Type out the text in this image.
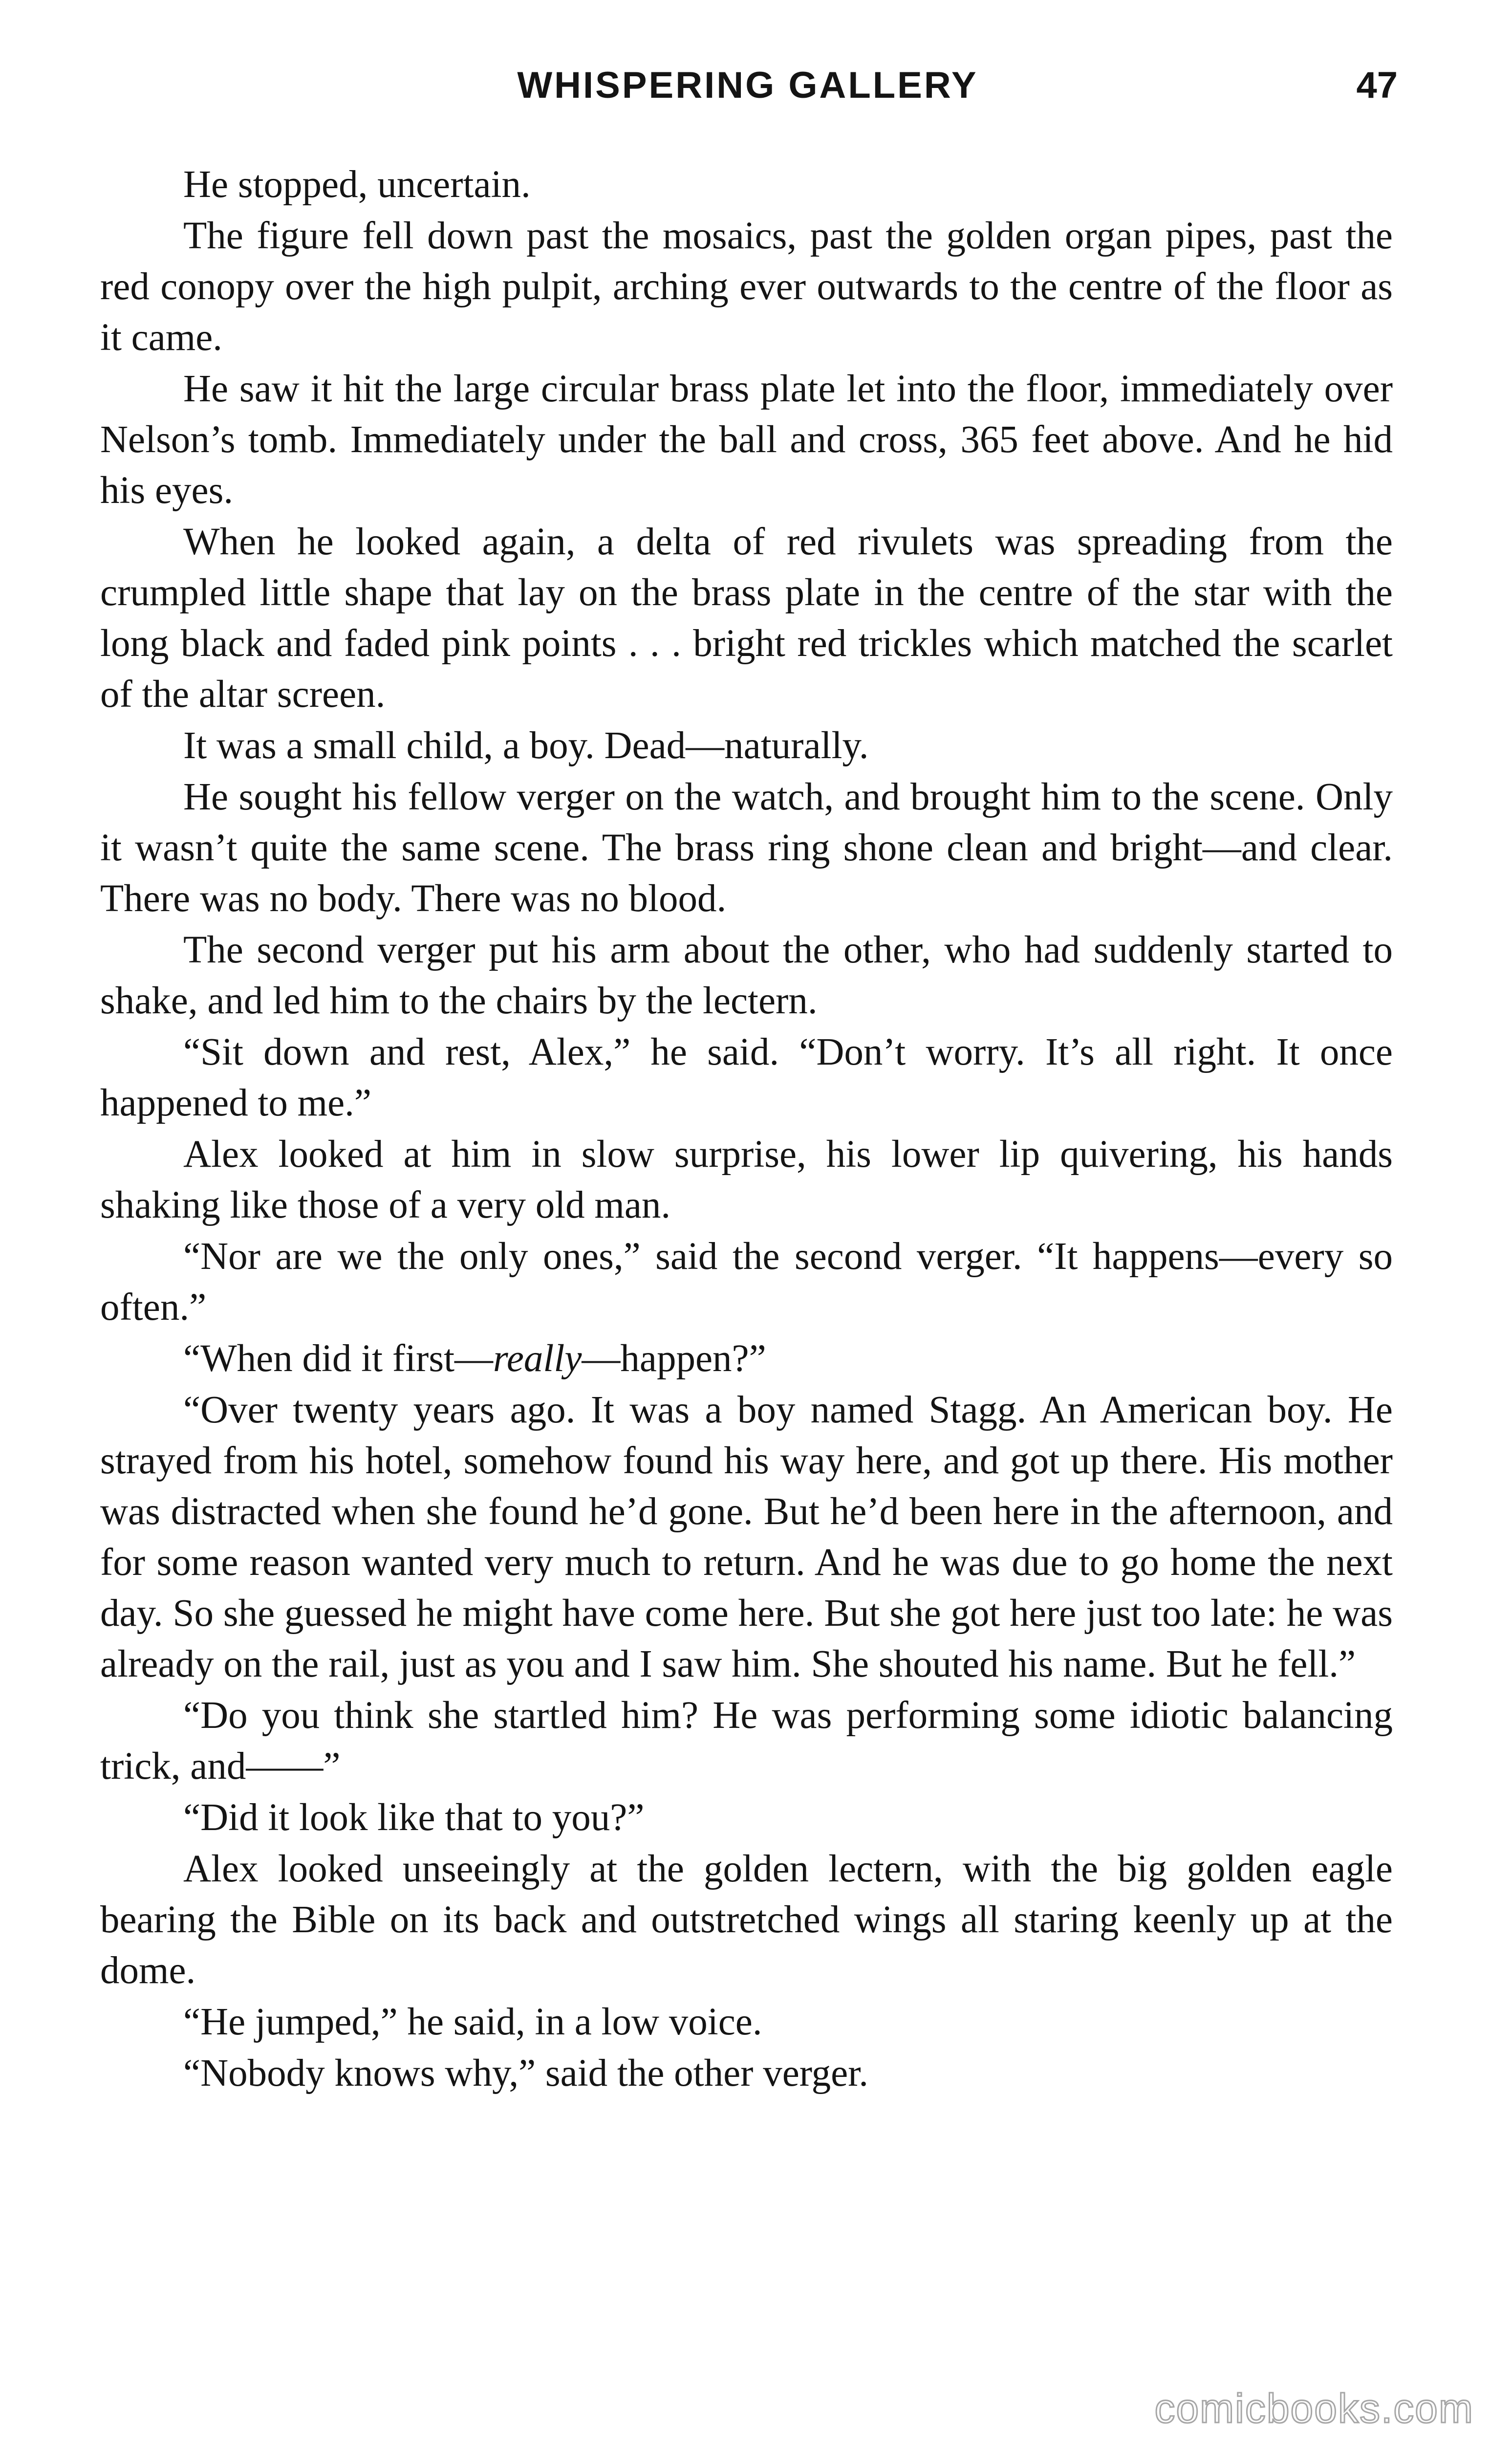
WHISPERING GALLERY	47

He stopped, uncertain.

The figure fell down past the mosaics, past the golden organ pipes, past the red conopy over the high pulpit, arching ever outwards to the centre of the floor as it came.

He saw it hit the large circular brass plate let into the floor, immediately over Nelson’s tomb. Immediately under the ball and cross, 365 feet above. And he hid his eyes.

When he looked again, a delta of red rivulets was spreading from the crumpled little shape that lay on the brass plate in the centre of the star with the long black and faded pink points . . . bright red trickles which matched the scarlet of the altar screen.

It was a small child, a boy. Dead—naturally.

He sought his fellow verger on the watch, and brought him to the scene. Only it wasn’t quite the same scene. The brass ring shone clean and bright—and clear. There was no body. There was no blood.

The second verger put his arm about the other, who had suddenly started to shake, and led him to the chairs by the lectern.

“Sit down and rest, Alex,” he said. “Don’t worry. It’s all right. It once happened to me.”

Alex looked at him in slow surprise, his lower lip quivering, his hands shaking like those of a very old man.

“Nor are we the only ones,” said the second verger. “It happens—every so often.”

“When did it first—really—happen?”

“Over twenty years ago. It was a boy named Stagg. An American boy. He strayed from his hotel, somehow found his way here, and got up there. His mother was distracted when she found he’d gone. But he’d been here in the afternoon, and for some reason wanted very much to return. And he was due to go home the next day. So she guessed he might have come here. But she got here just too late: he was already on the rail, just as you and I saw him. She shouted his name. But he fell.”

“Do you think she startled him? He was performing some idiotic balancing trick, and——”

“Did it look like that to you?”

Alex looked unseeingly at the golden lectern, with the big golden eagle bearing the Bible on its back and outstretched wings all staring keenly up at the dome.

“He jumped,” he said, in a low voice.

“Nobody knows why,” said the other verger.

comicbooks.com
